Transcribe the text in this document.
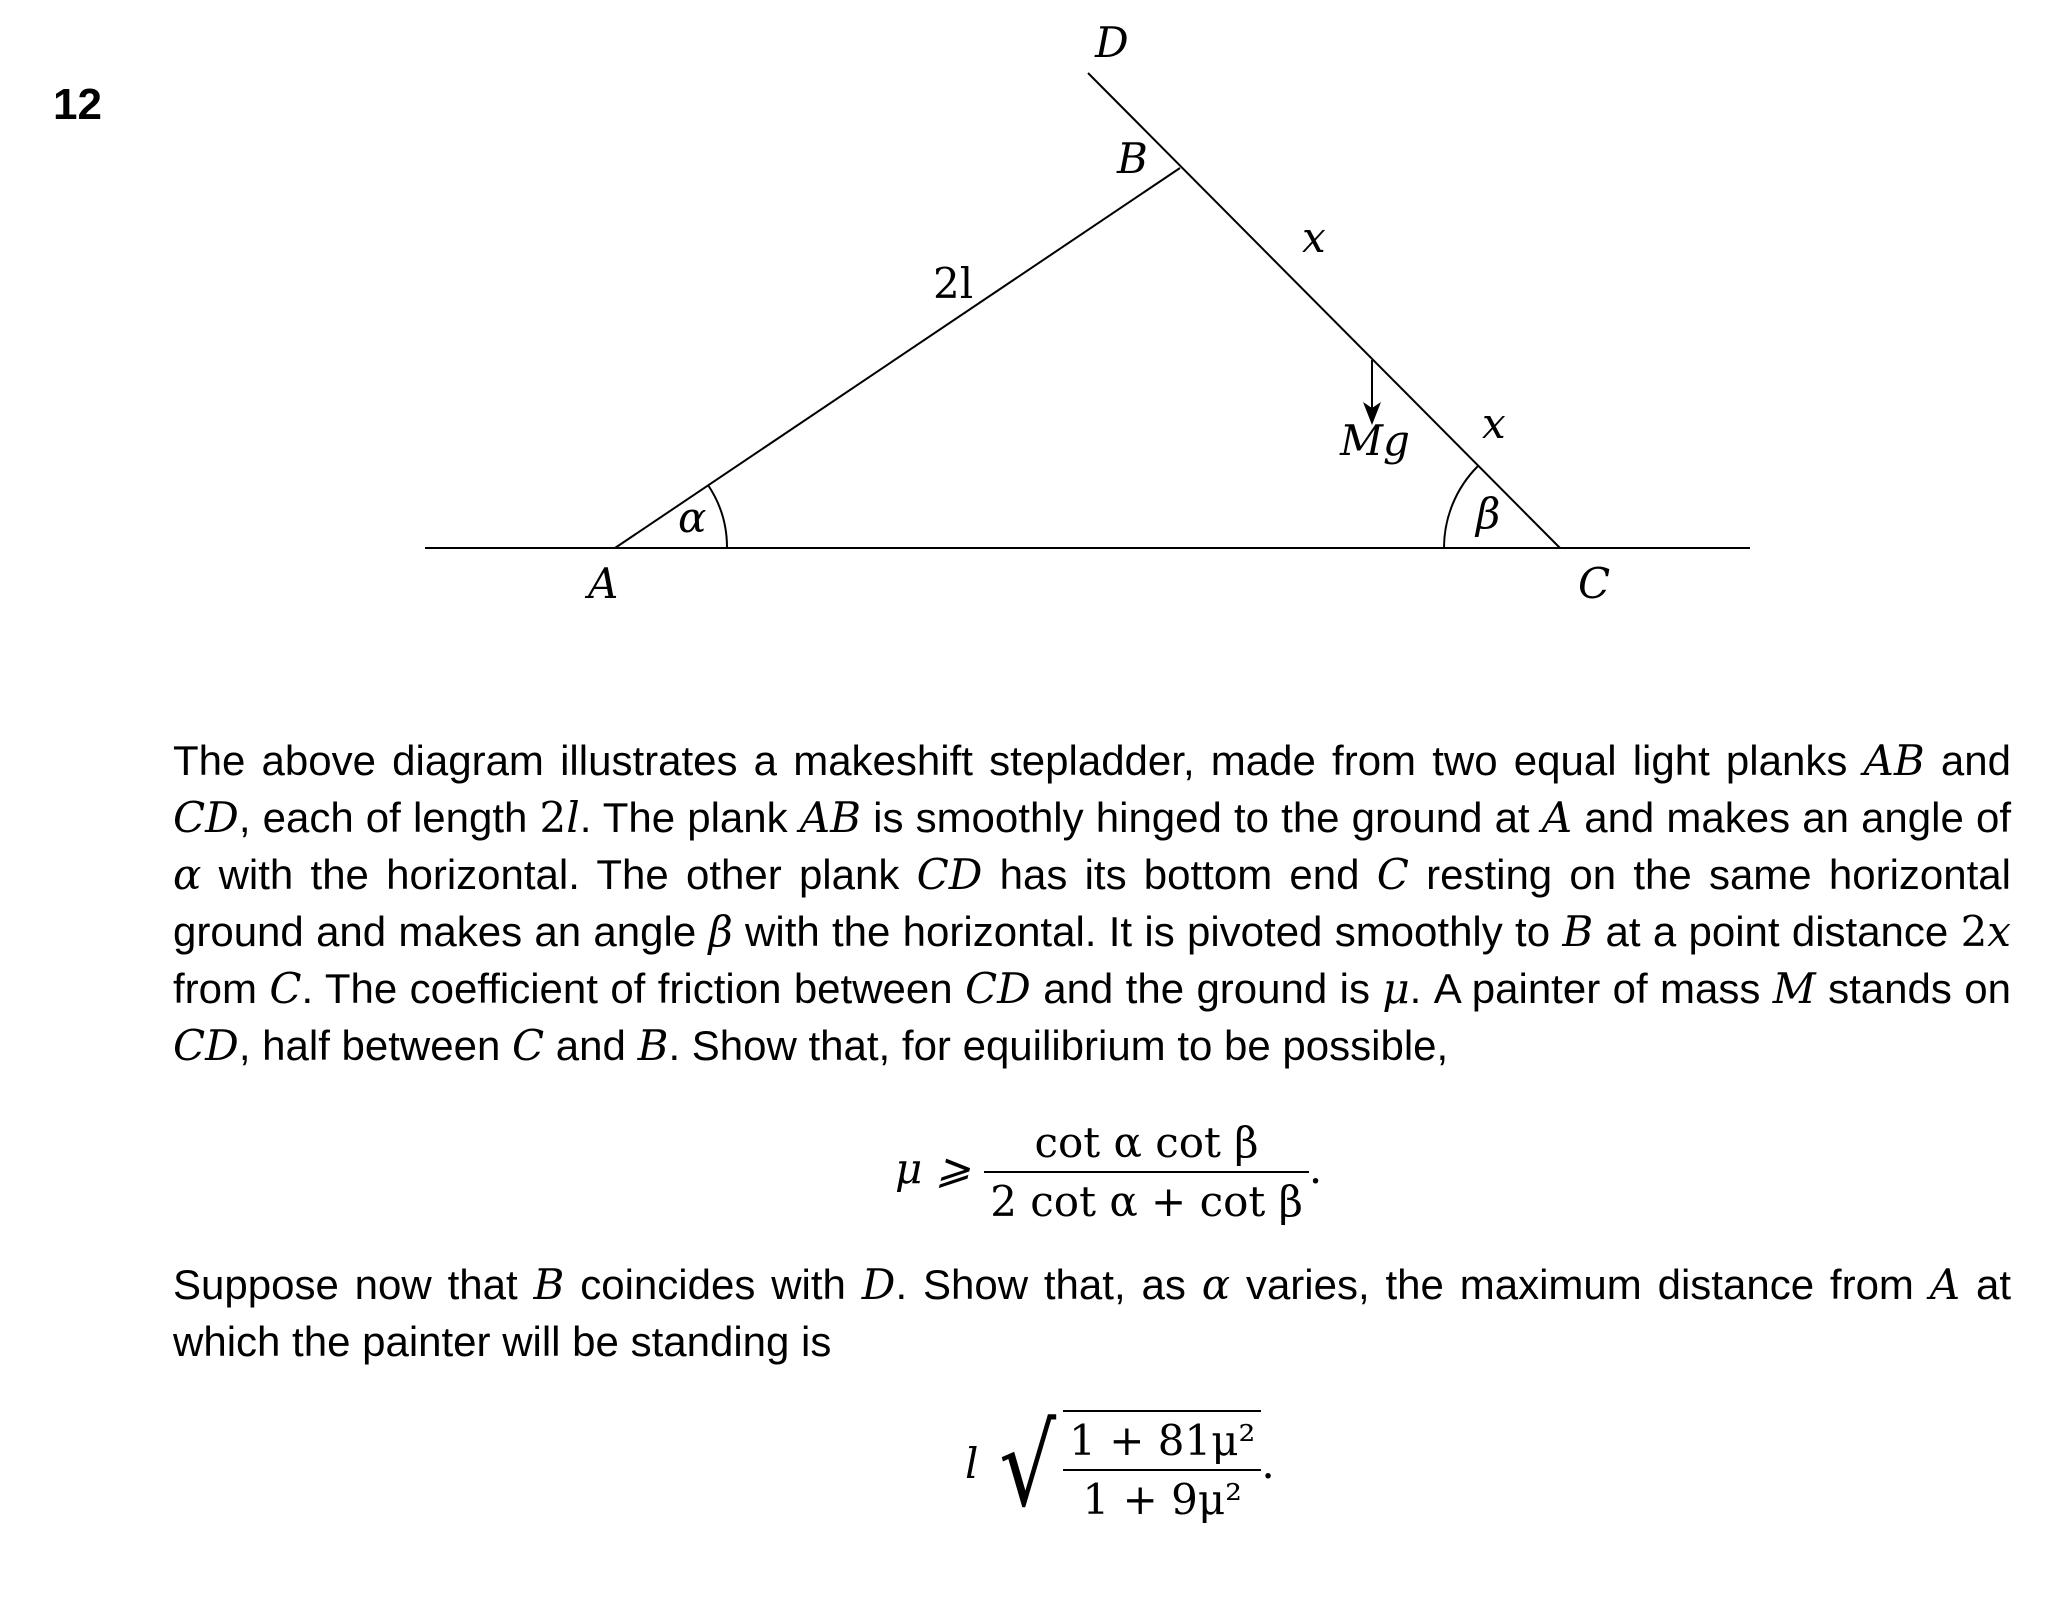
12
D
B
x
2l
Mg x
α	β
A	C
The above diagram illustrates a makeshift stepladder, made from two equal light planks AB and CD, each of length 2l. The plank AB is smoothly hinged to the ground at A and makes an angle of α with the horizontal. The other plank CD has its bottom end C resting on the same horizontal ground and makes an angle β with the horizontal. It is pivoted smoothly to B at a point distance 2x from C. The coefficient of friction between CD and the ground is μ. A painter of mass M stands on CD, half between C and B. Show that, for equilibrium to be possible,
μ ⩾ $\frac{\text{cot α cot β}}{\text{2 cot α + cot β}}$ .
Suppose now that B coincides with D. Show that, as α varies, the maximum distance from A at which the painter will be standing is
l √ $\frac{\text{1 + 81μ²}}{\text{1 + 9μ²}}$ .
